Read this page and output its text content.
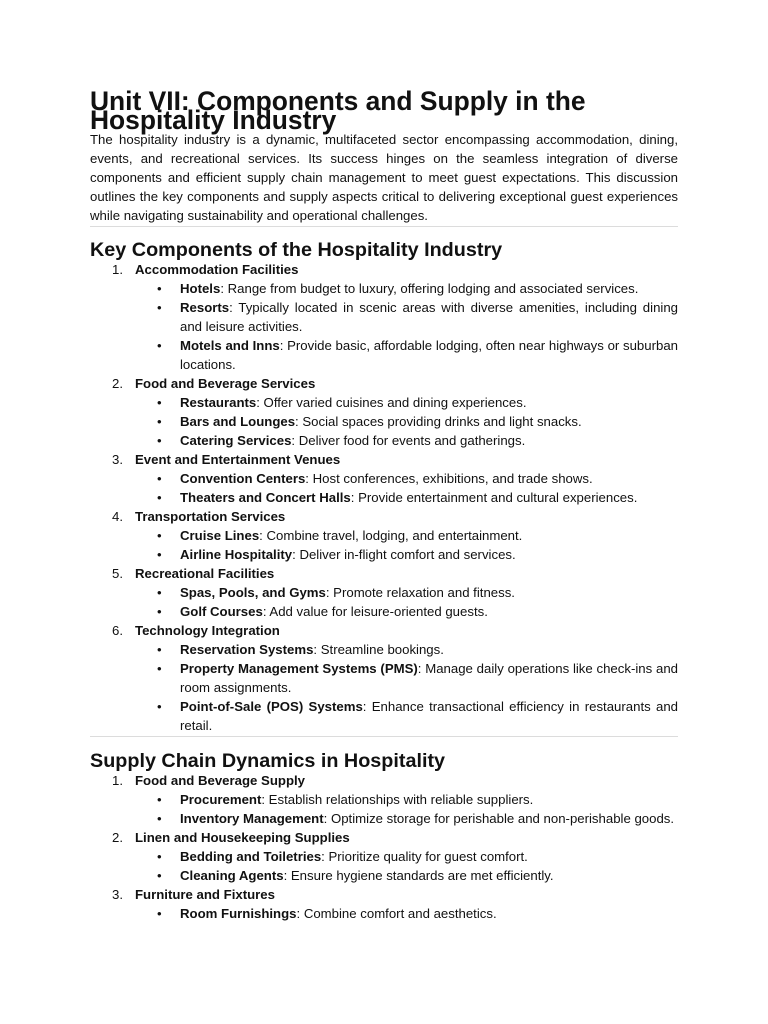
Unit VII: Components and Supply in the Hospitality Industry

The hospitality industry is a dynamic, multifaceted sector encompassing accommodation, dining, events, and recreational services. Its success hinges on the seamless integration of diverse components and efficient supply chain management to meet guest expectations. This discussion outlines the key components and supply aspects critical to delivering exceptional guest experiences while navigating sustainability and operational challenges.

Key Components of the Hospitality Industry
1. Accommodation Facilities
• Hotels: Range from budget to luxury, offering lodging and associated services.
• Resorts: Typically located in scenic areas with diverse amenities, including dining and leisure activities.
• Motels and Inns: Provide basic, affordable lodging, often near highways or suburban locations.
2. Food and Beverage Services
• Restaurants: Offer varied cuisines and dining experiences.
• Bars and Lounges: Social spaces providing drinks and light snacks.
• Catering Services: Deliver food for events and gatherings.
3. Event and Entertainment Venues
• Convention Centers: Host conferences, exhibitions, and trade shows.
• Theaters and Concert Halls: Provide entertainment and cultural experiences.
4. Transportation Services
• Cruise Lines: Combine travel, lodging, and entertainment.
• Airline Hospitality: Deliver in-flight comfort and services.
5. Recreational Facilities
• Spas, Pools, and Gyms: Promote relaxation and fitness.
• Golf Courses: Add value for leisure-oriented guests.
6. Technology Integration
• Reservation Systems: Streamline bookings.
• Property Management Systems (PMS): Manage daily operations like check-ins and room assignments.
• Point-of-Sale (POS) Systems: Enhance transactional efficiency in restaurants and retail.
Supply Chain Dynamics in Hospitality
1. Food and Beverage Supply
• Procurement: Establish relationships with reliable suppliers.
• Inventory Management: Optimize storage for perishable and non-perishable goods.
2. Linen and Housekeeping Supplies
• Bedding and Toiletries: Prioritize quality for guest comfort.
• Cleaning Agents: Ensure hygiene standards are met efficiently.
3. Furniture and Fixtures
• Room Furnishings: Combine comfort and aesthetics.
